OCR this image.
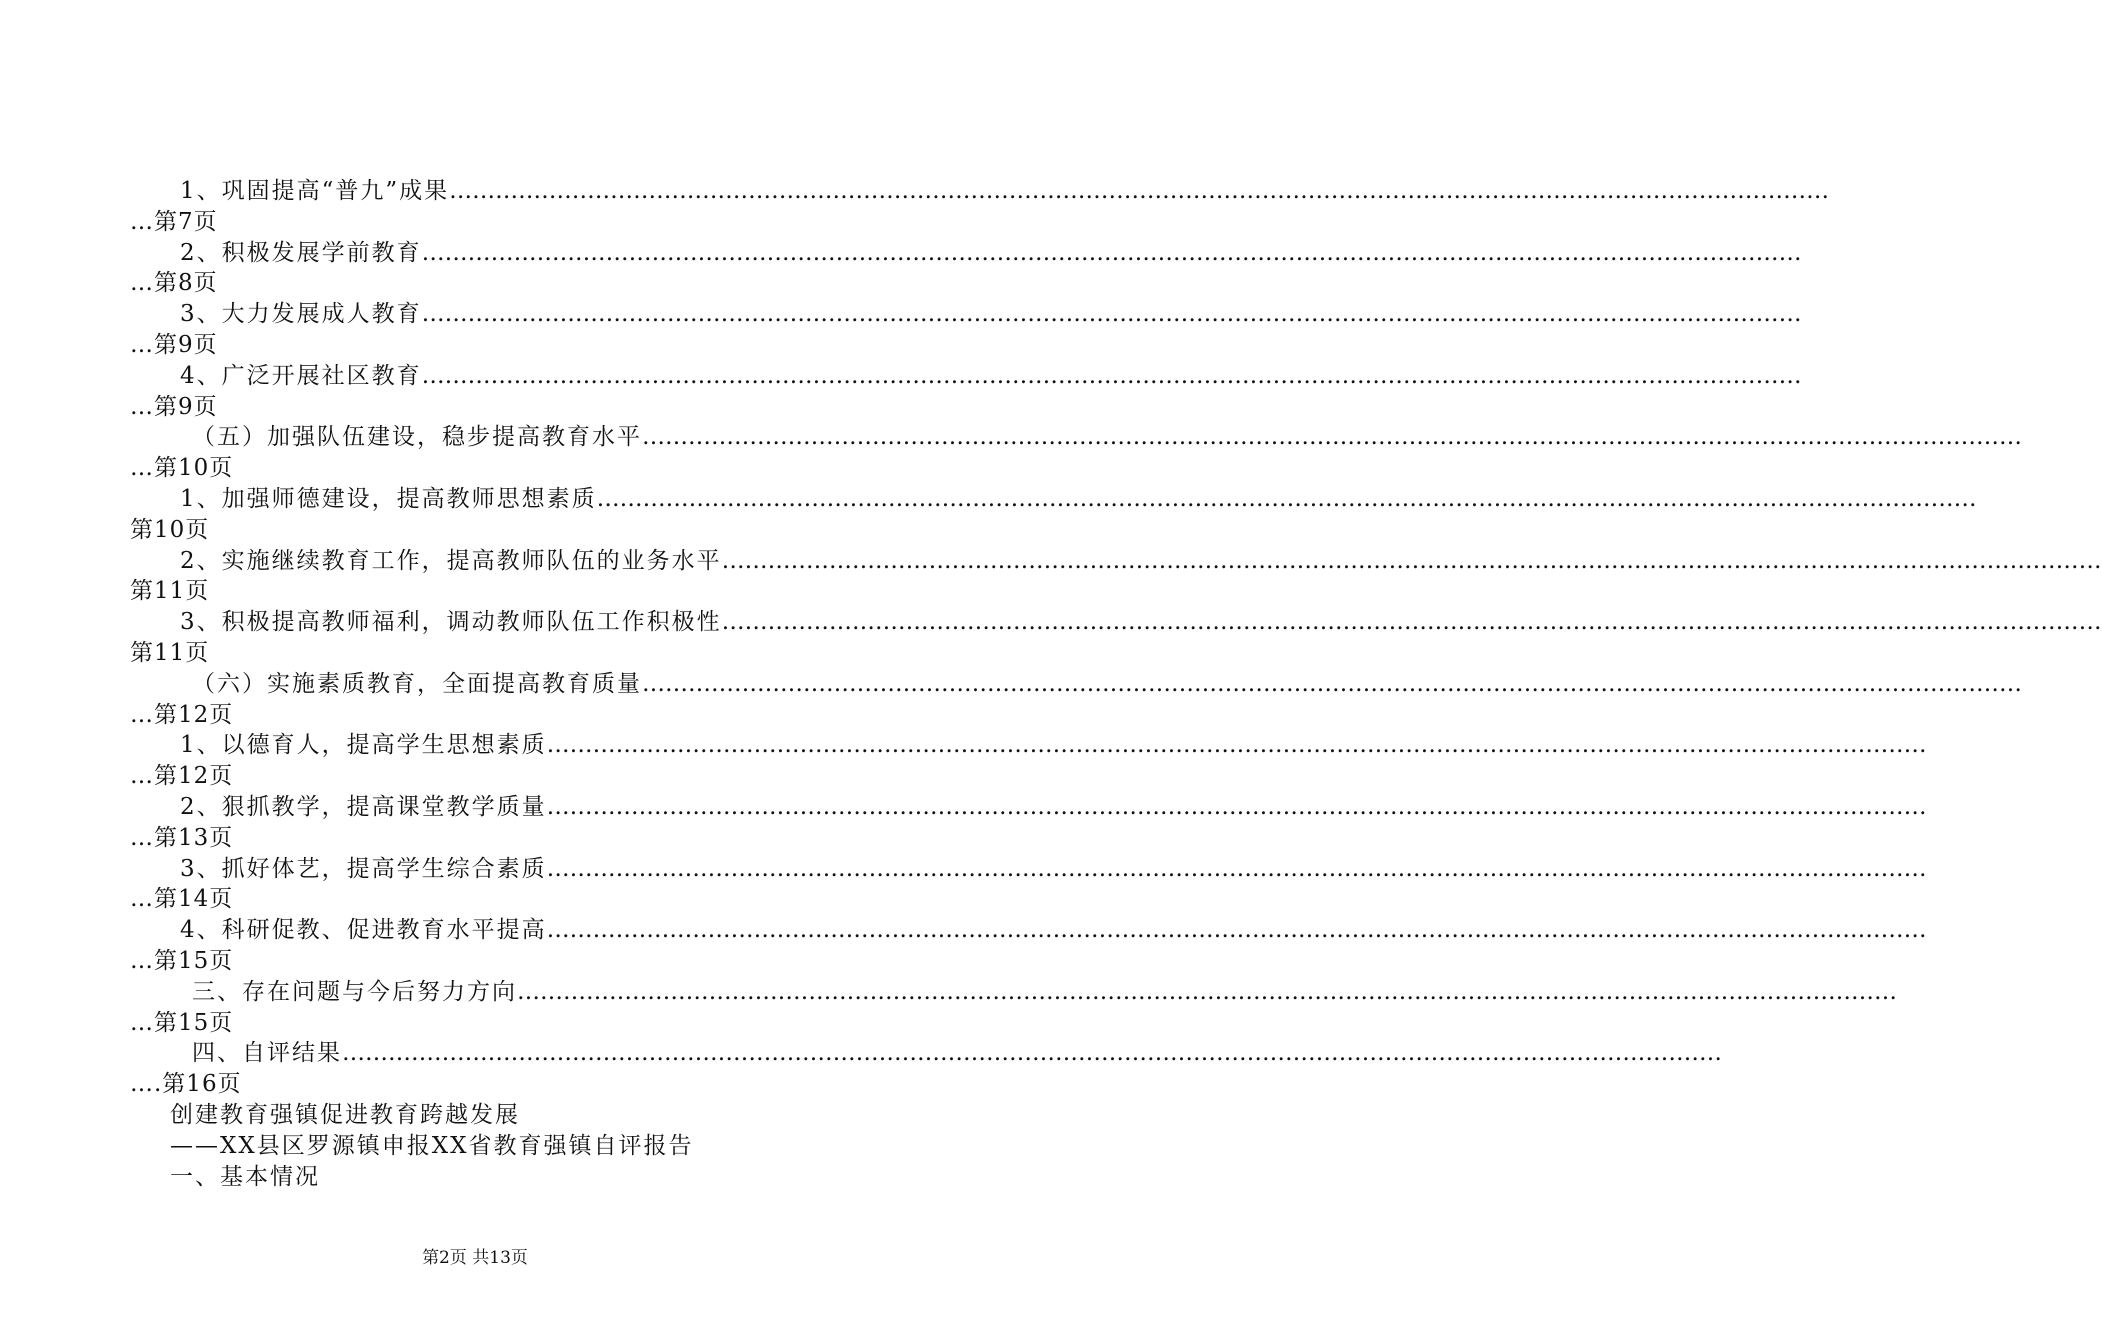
1、巩固提高“普九”成果 ………………………………………………………………………………………………………………………………………………………………
…第7页
2、积极发展学前教育 ………………………………………………………………………………………………………………………………………………………………
…第8页
3、大力发展成人教育 ………………………………………………………………………………………………………………………………………………………………
…第9页
4、广泛开展社区教育 ………………………………………………………………………………………………………………………………………………………………
…第9页
（五）加强队伍建设，稳步提高教育水平 ………………………………………………………………………………………………………………………………………………………………
…第10页
1、加强师德建设，提高教师思想素质 ………………………………………………………………………………………………………………………………………………………………
第10页
2、实施继续教育工作，提高教师队伍的业务水平 ………………………………………………………………………………………………………………………………………………………………
第11页
3、积极提高教师福利，调动教师队伍工作积极性 ………………………………………………………………………………………………………………………………………………………………
第11页
（六）实施素质教育，全面提高教育质量 ………………………………………………………………………………………………………………………………………………………………
…第12页
1、以德育人，提高学生思想素质 ………………………………………………………………………………………………………………………………………………………………
…第12页
2、狠抓教学，提高课堂教学质量 ………………………………………………………………………………………………………………………………………………………………
…第13页
3、抓好体艺，提高学生综合素质 ………………………………………………………………………………………………………………………………………………………………
…第14页
4、科研促教、促进教育水平提高 ………………………………………………………………………………………………………………………………………………………………
…第15页
三、存在问题与今后努力方向 ………………………………………………………………………………………………………………………………………………………………
…第15页
四、自评结果 ………………………………………………………………………………………………………………………………………………………………
….第16页
创建教育强镇促进教育跨越发展
——XX县区罗源镇申报XX省教育强镇自评报告
一、基本情况
第2页 共13页
